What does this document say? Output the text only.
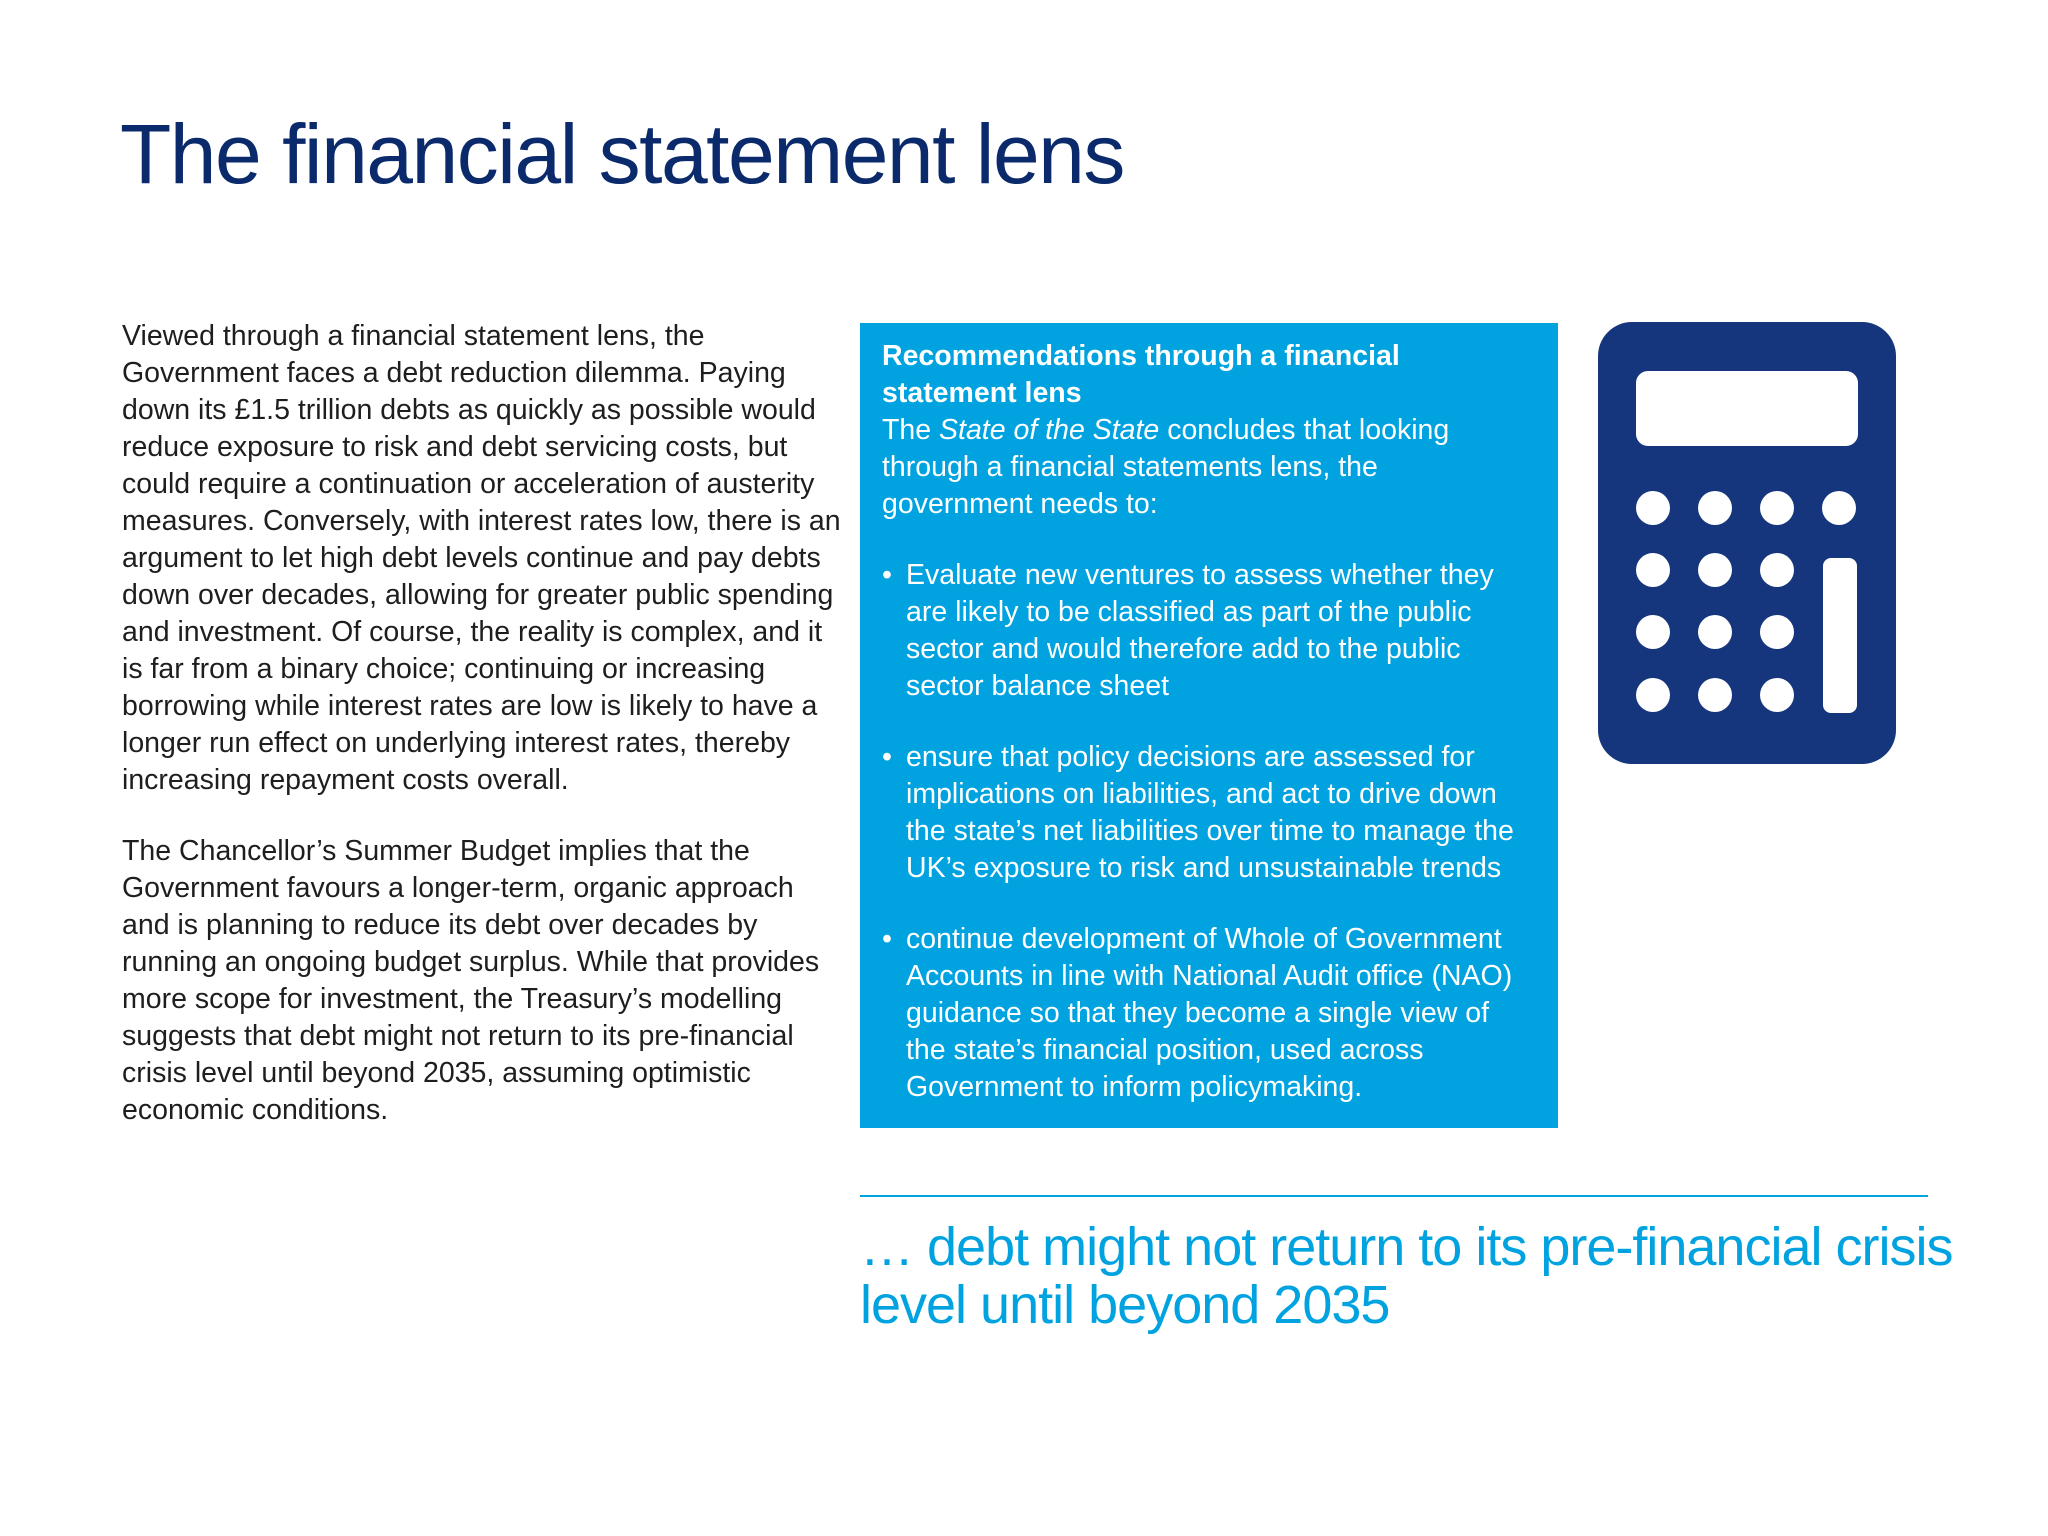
The financial statement lens

Viewed through a financial statement lens, the Government faces a debt reduction dilemma. Paying down its £1.5 trillion debts as quickly as possible would reduce exposure to risk and debt servicing costs, but could require a continuation or acceleration of austerity measures. Conversely, with interest rates low, there is an argument to let high debt levels continue and pay debts down over decades, allowing for greater public spending and investment. Of course, the reality is complex, and it is far from a binary choice; continuing or increasing borrowing while interest rates are low is likely to have a longer run effect on underlying interest rates, thereby increasing repayment costs overall.

The Chancellor’s Summer Budget implies that the Government favours a longer-term, organic approach and is planning to reduce its debt over decades by running an ongoing budget surplus. While that provides more scope for investment, the Treasury’s modelling suggests that debt might not return to its pre-financial crisis level until beyond 2035, assuming optimistic economic conditions.

Recommendations through a financial statement lens

The State of the State concludes that looking through a financial statements lens, the government needs to:

• Evaluate new ventures to assess whether they are likely to be classified as part of the public sector and would therefore add to the public sector balance sheet
• ensure that policy decisions are assessed for implications on liabilities, and act to drive down the state’s net liabilities over time to manage the UK’s exposure to risk and unsustainable trends
• continue development of Whole of Government Accounts in line with National Audit office (NAO) guidance so that they become a single view of the state’s financial position, used across Government to inform policymaking.

… debt might not return to its pre-financial crisis level until beyond 2035
